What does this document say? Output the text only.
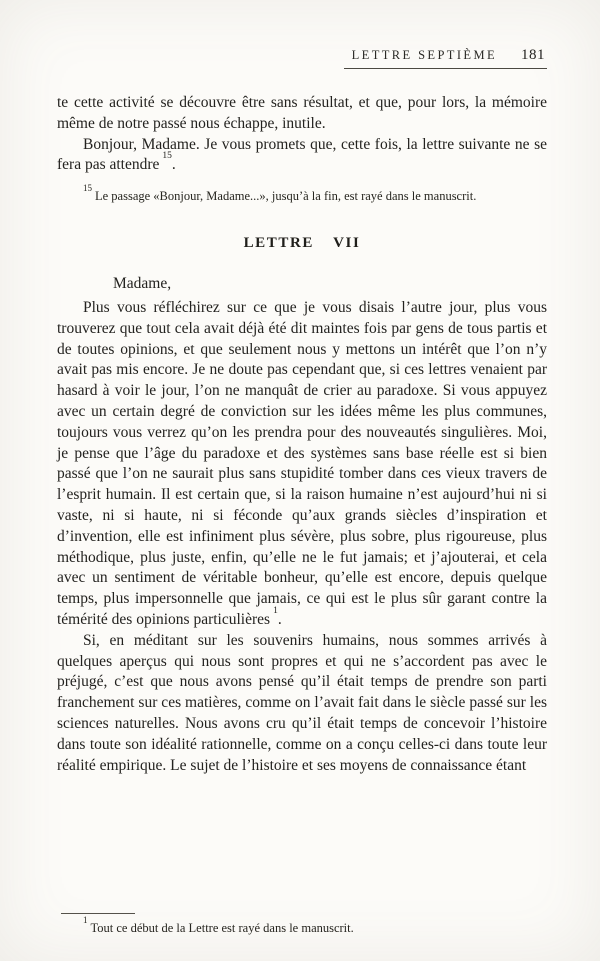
LETTRE SEPTIÈME 181

te cette activité se découvre être sans résultat, et que, pour lors, la mémoire même de notre passé nous échappe, inutile.

Bonjour, Madame. Je vous promets que, cette fois, la lettre suivante ne se fera pas attendre$^{15}$.

$^{15}$Le passage «Bonjour, Madame...», jusqu’à la fin, est rayé dans le manuscrit.
LETTRE VII

Madame,

Plus vous réfléchirez sur ce que je vous disais l’autre jour, plus vous trouverez que tout cela avait déjà été dit maintes fois par gens de tous partis et de toutes opinions, et que seulement nous y mettons un intérêt que l’on n’y avait pas mis encore. Je ne doute pas cependant que, si ces lettres venaient par hasard à voir le jour, l’on ne manquât de crier au paradoxe. Si vous appuyez avec un certain degré de conviction sur les idées même les plus communes, toujours vous verrez qu’on les prendra pour des nouveautés singulières. Moi, je pense que l’âge du paradoxe et des systèmes sans base réelle est si bien passé que l’on ne saurait plus sans stupidité tomber dans ces vieux travers de l’esprit humain. Il est certain que, si la raison humaine n’est aujourd’hui ni si vaste, ni si haute, ni si féconde qu’aux grands siècles d’inspiration et d’invention, elle est infiniment plus sévère, plus sobre, plus rigoureuse, plus méthodique, plus juste, enfin, qu’elle ne le fut jamais; et j’ajouterai, et cela avec un sentiment de véritable bonheur, qu’elle est encore, depuis quelque temps, plus impersonnelle que jamais, ce qui est le plus sûr garant contre la témérité des opinions particulières$^1$.

Si, en méditant sur les souvenirs humains, nous sommes arrivés à quelques aperçus qui nous sont propres et qui ne s’accordent pas avec le préjugé, c’est que nous avons pensé qu’il était temps de prendre son parti franchement sur ces matières, comme on l’avait fait dans le siècle passé sur les sciences naturelles. Nous avons cru qu’il était temps de concevoir l’histoire dans toute son idéalité rationnelle, comme on a conçu celles-ci dans toute leur réalité empirique. Le sujet de l’histoire et ses moyens de connaissance étant

$^1$Tout ce début de la Lettre est rayé dans le manuscrit.
